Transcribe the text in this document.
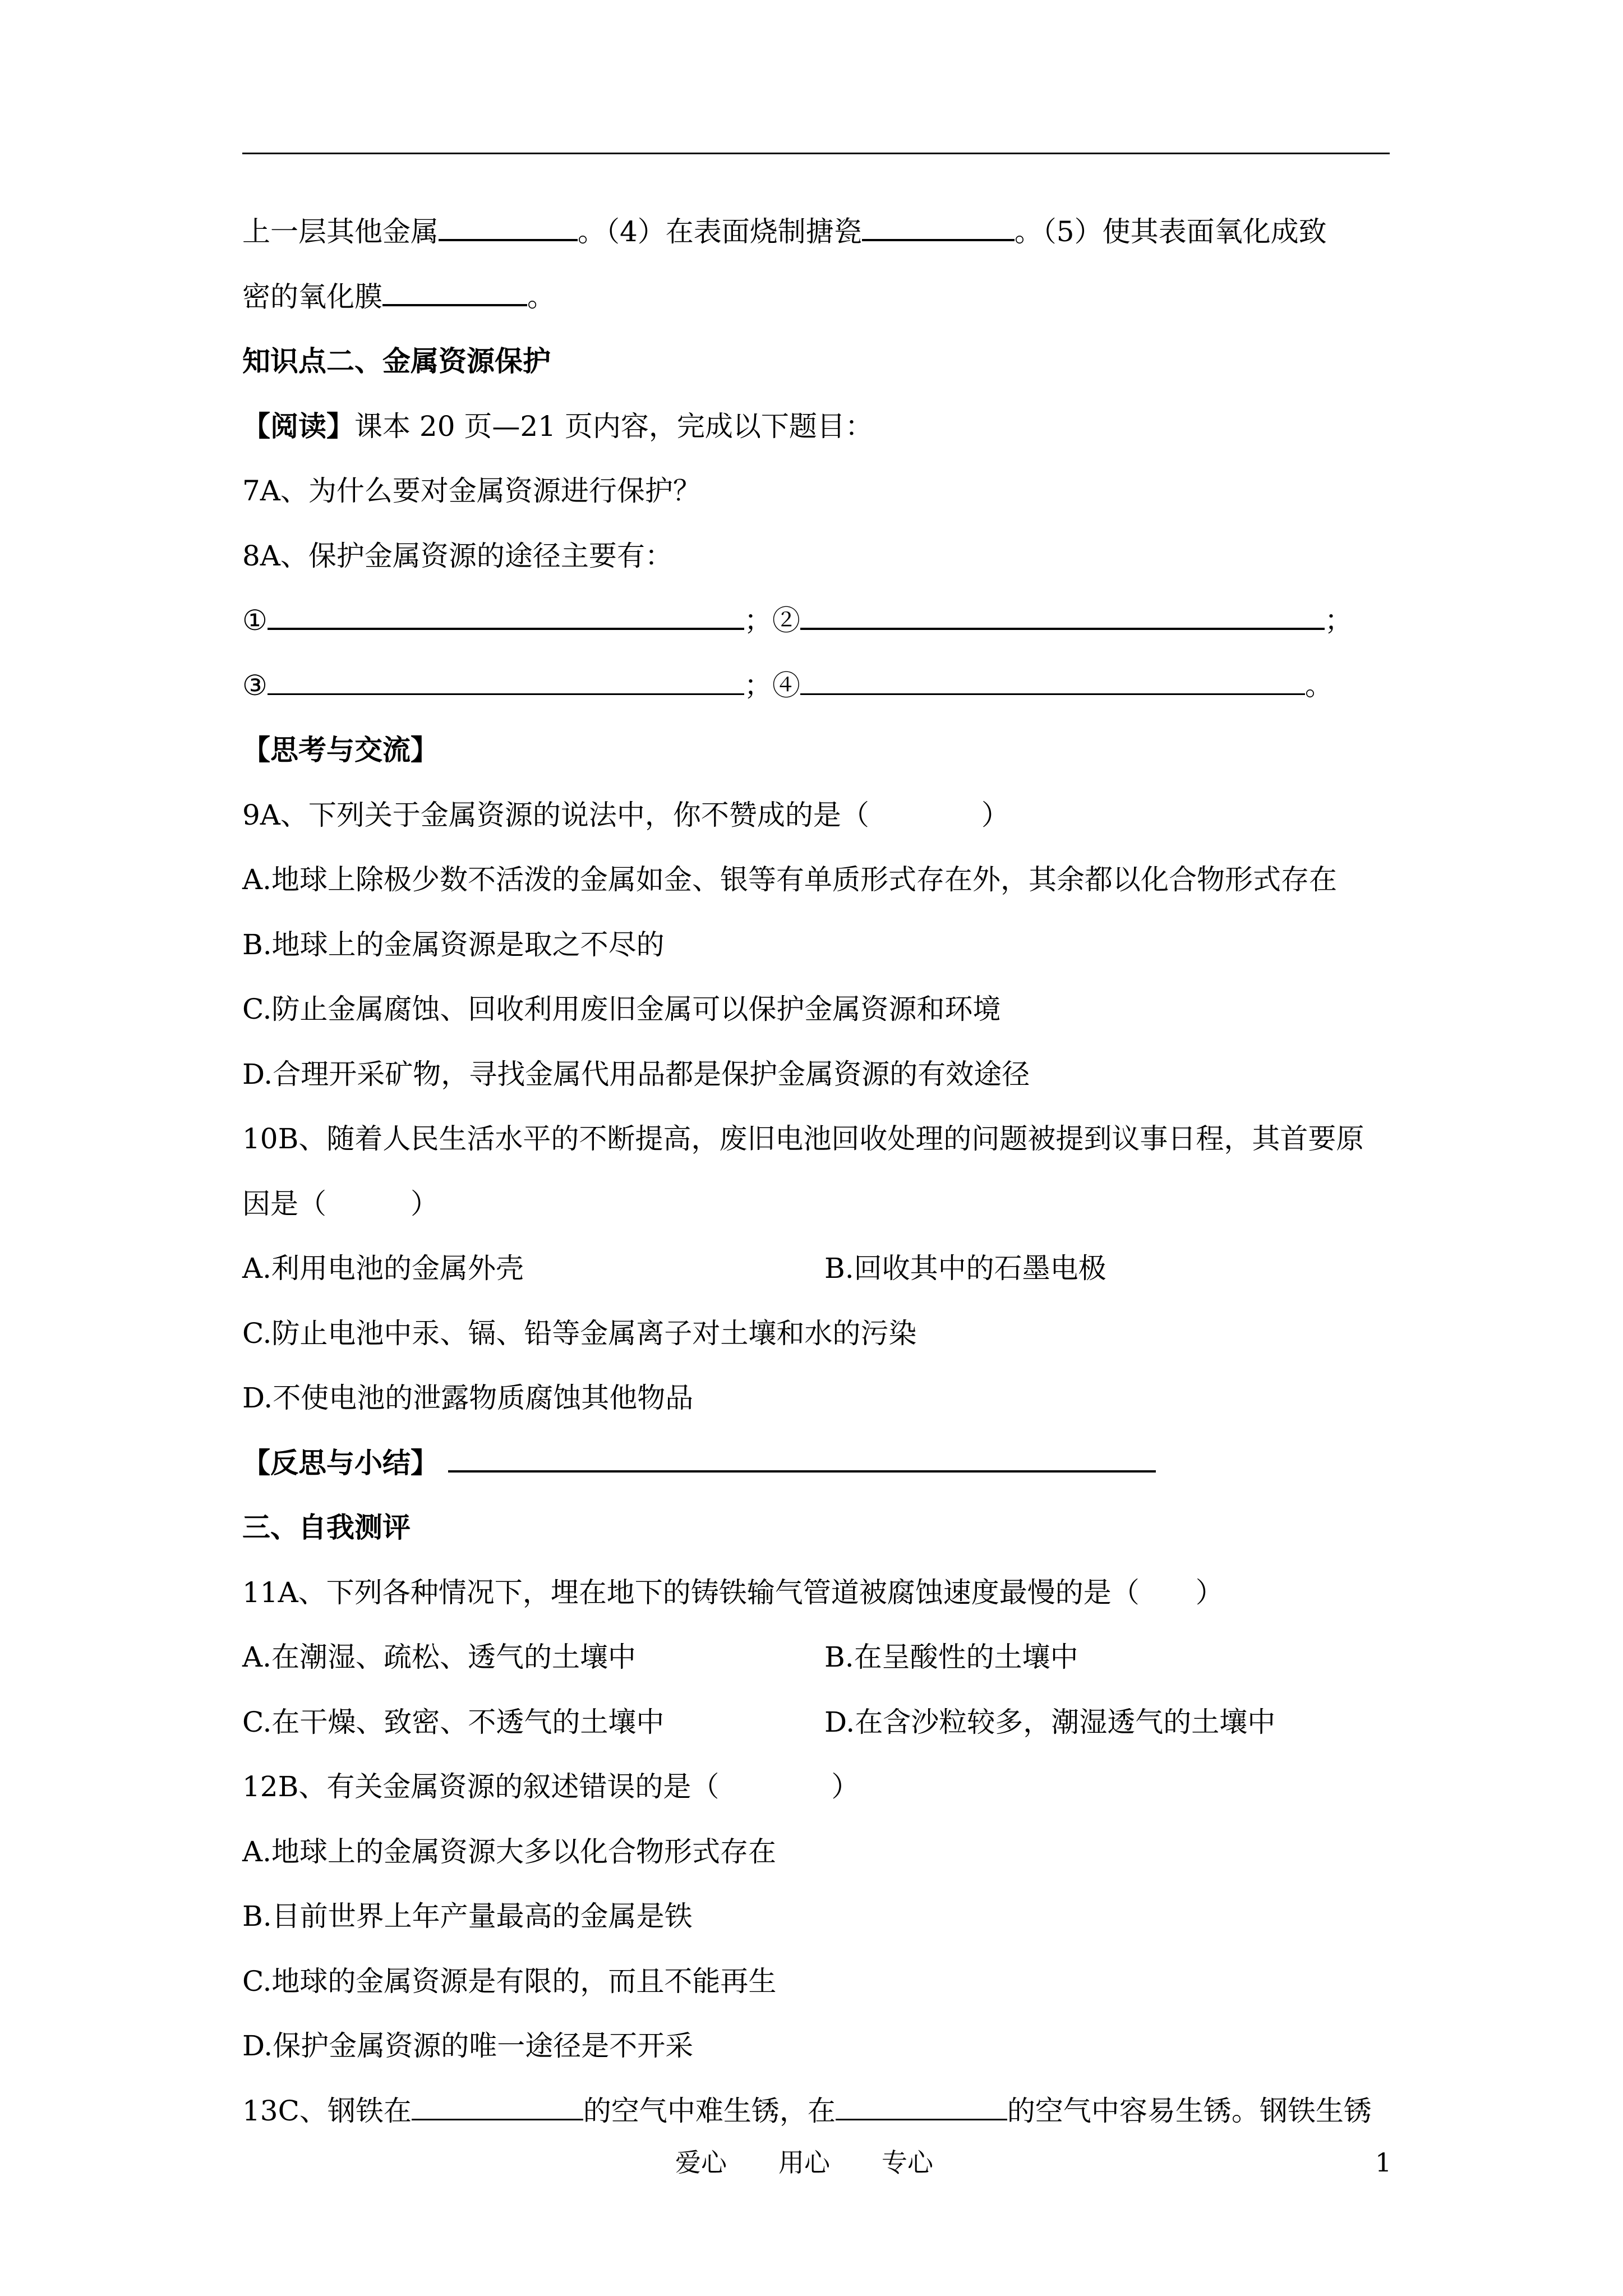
上一层其他金属	。（4）在表面烧制搪瓷	。（5）使其表面氧化成致
密的氧化膜	。
知识点二、金属资源保护
【阅读】课本 20 页—21 页内容，完成以下题目：
7A、为什么要对金属资源进行保护？
8A、保护金属资源的途径主要有：
①	；②	；
③	；④	。
【思考与交流】
9A、下列关于金属资源的说法中，你不赞成的是（　　　　）
A.地球上除极少数不活泼的金属如金、银等有单质形式存在外，其余都以化合物形式存在
B.地球上的金属资源是取之不尽的
C.防止金属腐蚀、回收利用废旧金属可以保护金属资源和环境
D.合理开采矿物，寻找金属代用品都是保护金属资源的有效途径
10B、随着人民生活水平的不断提高，废旧电池回收处理的问题被提到议事日程，其首要原
因是（　　　）
A.利用电池的金属外壳	B.回收其中的石墨电极
C.防止电池中汞、镉、铅等金属离子对土壤和水的污染
D.不使电池的泄露物质腐蚀其他物品
【反思与小结】
三、自我测评
11A、下列各种情况下，埋在地下的铸铁输气管道被腐蚀速度最慢的是（　　）
A.在潮湿、疏松、透气的土壤中	B.在呈酸性的土壤中
C.在干燥、致密、不透气的土壤中	D.在含沙粒较多，潮湿透气的土壤中
12B、有关金属资源的叙述错误的是（　　　　）
A.地球上的金属资源大多以化合物形式存在
B.目前世界上年产量最高的金属是铁
C.地球的金属资源是有限的，而且不能再生
D.保护金属资源的唯一途径是不开采
13C、钢铁在	的空气中难生锈，在	的空气中容易生锈。钢铁生锈
爱心　　用心　　专心	1
